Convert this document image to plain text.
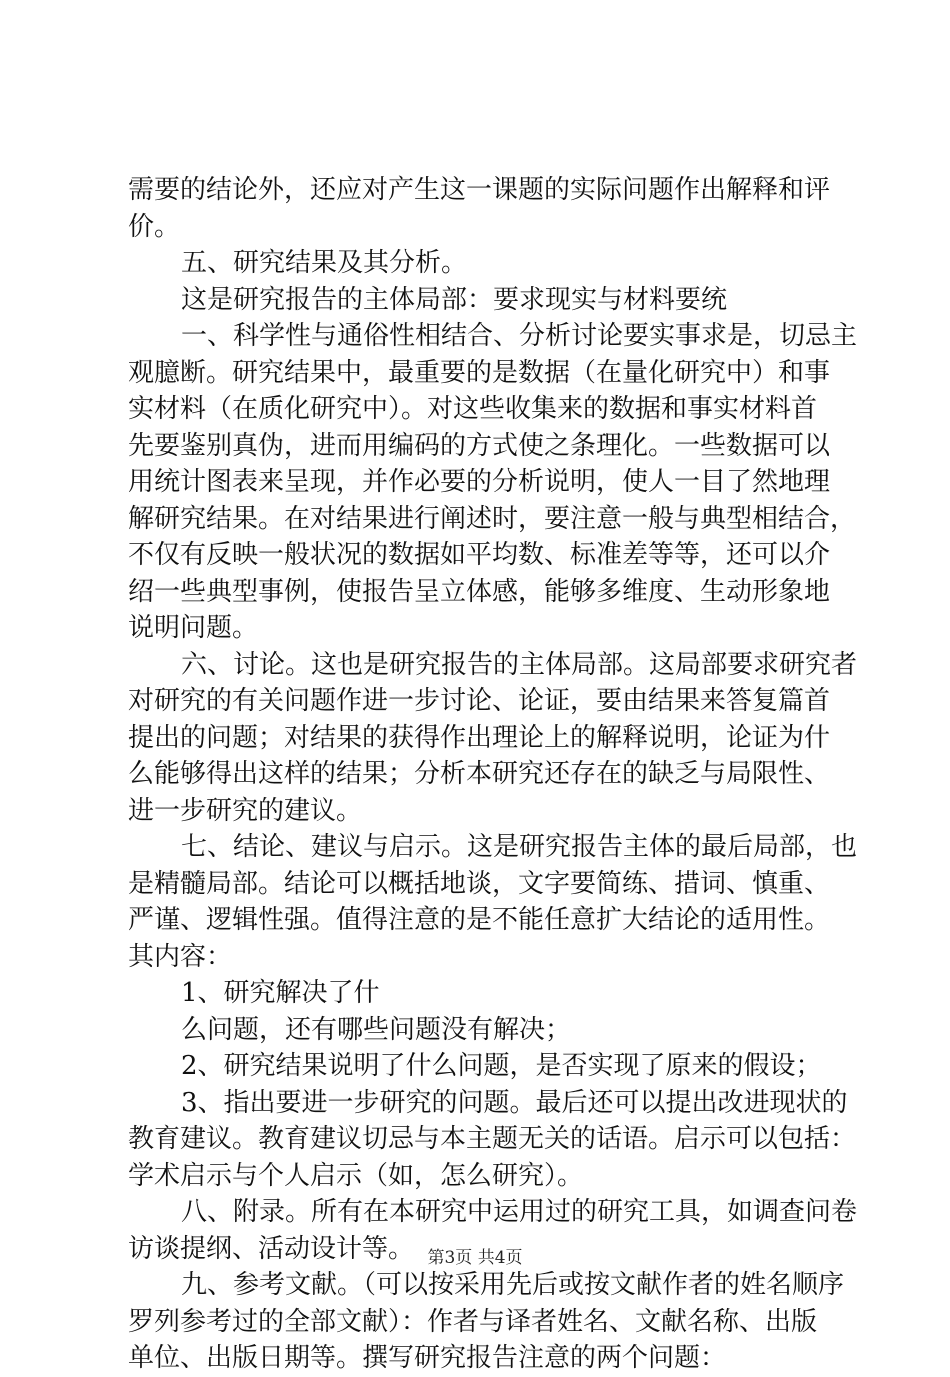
需要的结论外，还应对产生这一课题的实际问题作出解释和评
价。
五、研究结果及其分析。
这是研究报告的主体局部：要求现实与材料要统
一、科学性与通俗性相结合、分析讨论要实事求是，切忌主
观臆断。研究结果中，最重要的是数据（在量化研究中）和事
实材料（在质化研究中）。对这些收集来的数据和事实材料首
先要鉴别真伪，进而用编码的方式使之条理化。一些数据可以
用统计图表来呈现，并作必要的分析说明，使人一目了然地理
解研究结果。在对结果进行阐述时，要注意一般与典型相结合，
不仅有反映一般状况的数据如平均数、标准差等等，还可以介
绍一些典型事例，使报告呈立体感，能够多维度、生动形象地
说明问题。
六、讨论。这也是研究报告的主体局部。这局部要求研究者
对研究的有关问题作进一步讨论、论证，要由结果来答复篇首
提出的问题；对结果的获得作出理论上的解释说明，论证为什
么能够得出这样的结果；分析本研究还存在的缺乏与局限性、
进一步研究的建议。
七、结论、建议与启示。这是研究报告主体的最后局部，也
是精髓局部。结论可以概括地谈，文字要简练、措词、慎重、
严谨、逻辑性强。值得注意的是不能任意扩大结论的适用性。
其内容：
1、研究解决了什
么问题，还有哪些问题没有解决；
2、研究结果说明了什么问题，是否实现了原来的假设；
3、指出要进一步研究的问题。最后还可以提出改进现状的
教育建议。教育建议切忌与本主题无关的话语。启示可以包括：
学术启示与个人启示（如，怎么研究）。
八、附录。所有在本研究中运用过的研究工具，如调查问卷
访谈提纲、活动设计等。
九、参考文献。（可以按采用先后或按文献作者的姓名顺序
罗列参考过的全部文献）：作者与译者姓名、文献名称、出版
单位、出版日期等。撰写研究报告注意的两个问题：
第3页 共4页
